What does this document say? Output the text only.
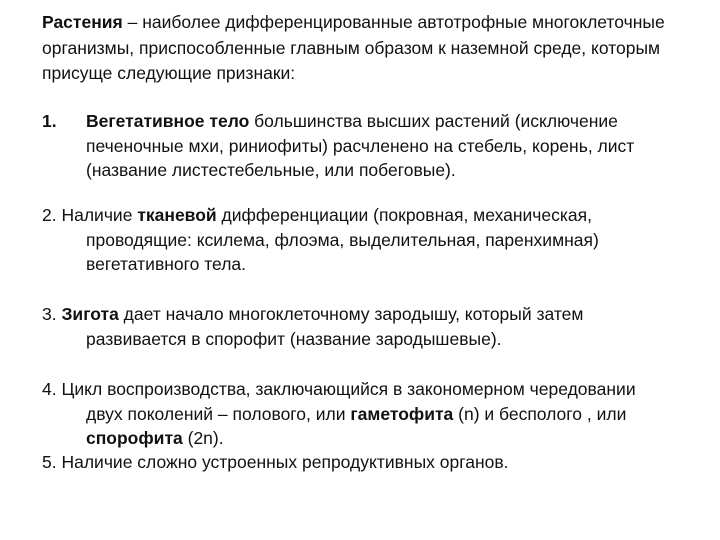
Растения – наиболее дифференцированные автотрофные многоклеточные организмы, приспособленные главным образом к наземной среде, которым присуще следующие признаки:

1.	Вегетативное тело большинства высших растений (исключение печеночные мхи, риниофиты) расчленено на стебель, корень, лист (название листестебельные, или побеговые).
2. Наличие тканевой дифференциации (покровная, механическая,
проводящие: ксилема, флоэма, выделительная, паренхимная) вегетативного тела.
3. Зигота дает начало многоклеточному зародышу, который затем
развивается в спорофит (название зародышевые).
4. Цикл воспроизводства, заключающийся в закономерном чередовании
двух поколений – полового, или гаметофита (n) и бесполого , или спорофита (2n).
5. Наличие сложно устроенных репродуктивных органов.
